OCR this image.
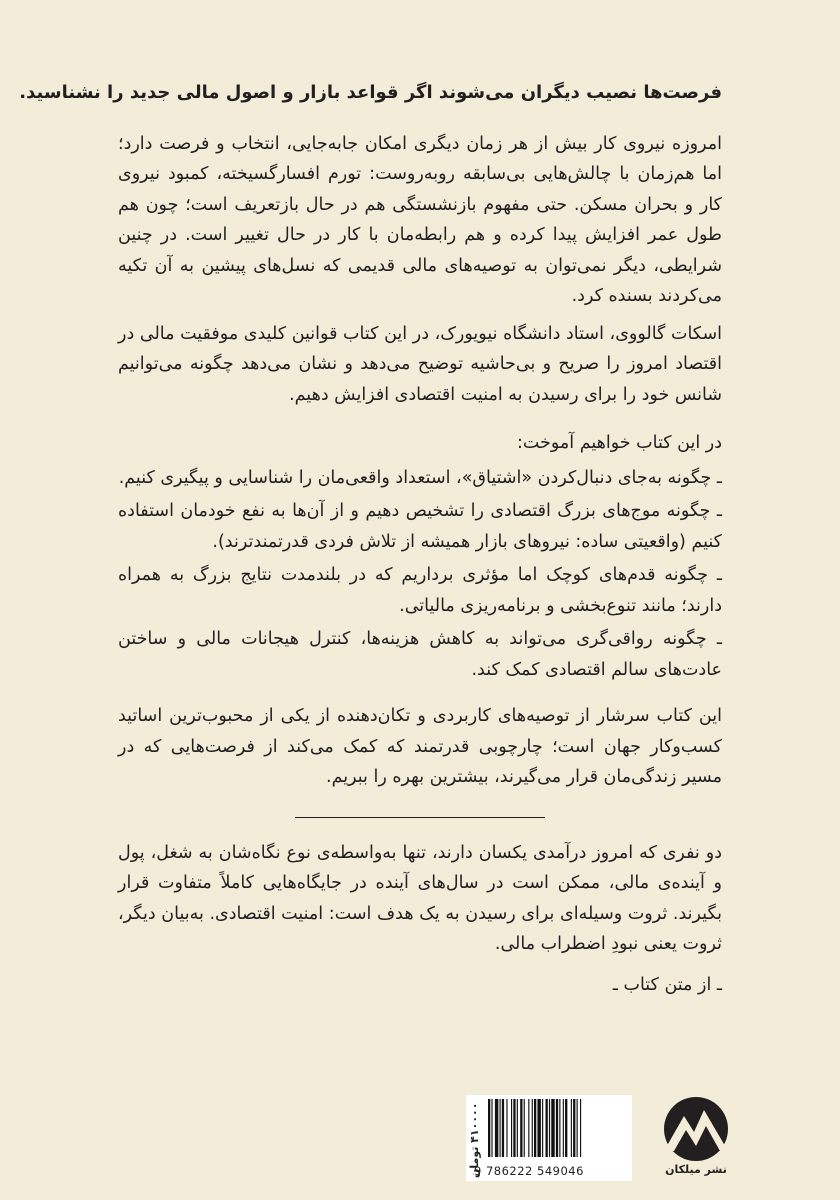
فرصت‌ها نصیب دیگران می‌شوند اگر قواعد بازار و اصول مالی جدید را نشناسید.

امروزه نیروی کار بیش از هر زمان دیگری امکان جابه‌جایی، انتخاب و فرصت دارد؛ اما هم‌زمان با چالش‌هایی بی‌سابقه روبه‌روست: تورم افسارگسیخته، کمبود نیروی کار و بحران مسکن. حتی مفهوم بازنشستگی هم در حال بازتعریف است؛ چون هم طول عمر افزایش پیدا کرده و هم رابطه‌مان با کار در حال تغییر است. در چنین شرایطی، دیگر نمی‌توان به توصیه‌های مالی قدیمی که نسل‌های پیشین به آن تکیه می‌کردند بسنده کرد.

اسکات گالووی، استاد دانشگاه نیویورک، در این کتاب قوانین کلیدی موفقیت مالی در اقتصاد امروز را صریح و بی‌حاشیه توضیح می‌دهد و نشان می‌دهد چگونه می‌توانیم شانس خود را برای رسیدن به امنیت اقتصادی افزایش دهیم.

در این کتاب خواهیم آموخت:

ـ چگونه به‌جای دنبال‌کردن «اشتیاق»، استعداد واقعی‌مان را شناسایی و پیگیری کنیم.

ـ چگونه موج‌های بزرگ اقتصادی را تشخیص دهیم و از آن‌ها به نفع خودمان استفاده کنیم (واقعیتی ساده: نیروهای بازار همیشه از تلاش فردی قدرتمندترند).

ـ چگونه قدم‌های کوچک اما مؤثری برداریم که در بلندمدت نتایج بزرگ به همراه دارند؛ مانند تنوع‌بخشی و برنامه‌ریزی مالیاتی.

ـ چگونه رواقی‌گری می‌تواند به کاهش هزینه‌ها، کنترل هیجانات مالی و ساختن عادت‌های سالم اقتصادی کمک کند.

این کتاب سرشار از توصیه‌های کاربردی و تکان‌دهنده از یکی از محبوب‌ترین اساتید کسب‌وکار جهان است؛ چارچوبی قدرتمند که کمک می‌کند از فرصت‌هایی که در مسیر زندگی‌مان قرار می‌گیرند، بیشترین بهره را ببریم.

دو نفری که امروز درآمدی یکسان دارند، تنها به‌واسطه‌ی نوع نگاه‌شان به شغل، پول و آینده‌ی مالی، ممکن است در سال‌های آینده در جایگاه‌هایی کاملاً متفاوت قرار بگیرند. ثروت وسیله‌ای برای رسیدن به یک هدف است: امنیت اقتصادی. به‌بیان دیگر، ثروت یعنی نبودِ اضطراب مالی.

ـ از متن کتاب ـ

نشر میلکان
9 786222 549046
۴۱۰۰۰۰ تومان
